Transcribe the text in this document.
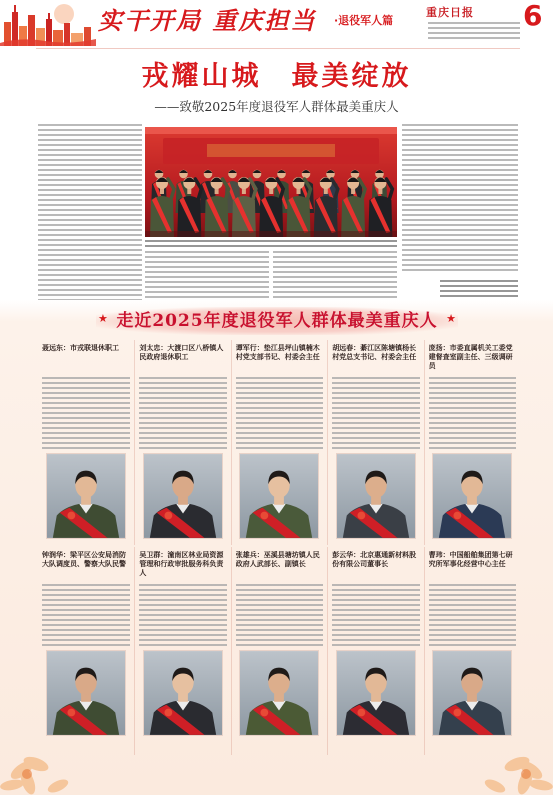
实干开局 重庆担当 ·退役军人篇
重庆日报 6
戎耀山城　最美绽放
——致敬2025年度退役军人群体最美重庆人
★ 走近2025年度退役军人群体最美重庆人 ★
聂远东：市戎联退休职工	刘太忠：大渡口区八桥镇人民政府退休职工
谭军行：垫江县坪山镇楠木村党支部书记、村委会主任
胡远春：綦江区陈塘镇杨长村党总支书记、村委会主任
庞扬：市委直属机关工委党建督查室副主任、三级调研员
钟润华：梁平区公安局消防大队调度员、警察大队民警
吴卫群：潼南区林业局资源管理和行政审批服务科负责人
张雄兵：巫溪县塘坊镇人民政府人武部长、副镇长
彭云华：北京惠通新材料股份有限公司董事长
曹玮：中国船舶集团第七研究所军事化经营中心主任
